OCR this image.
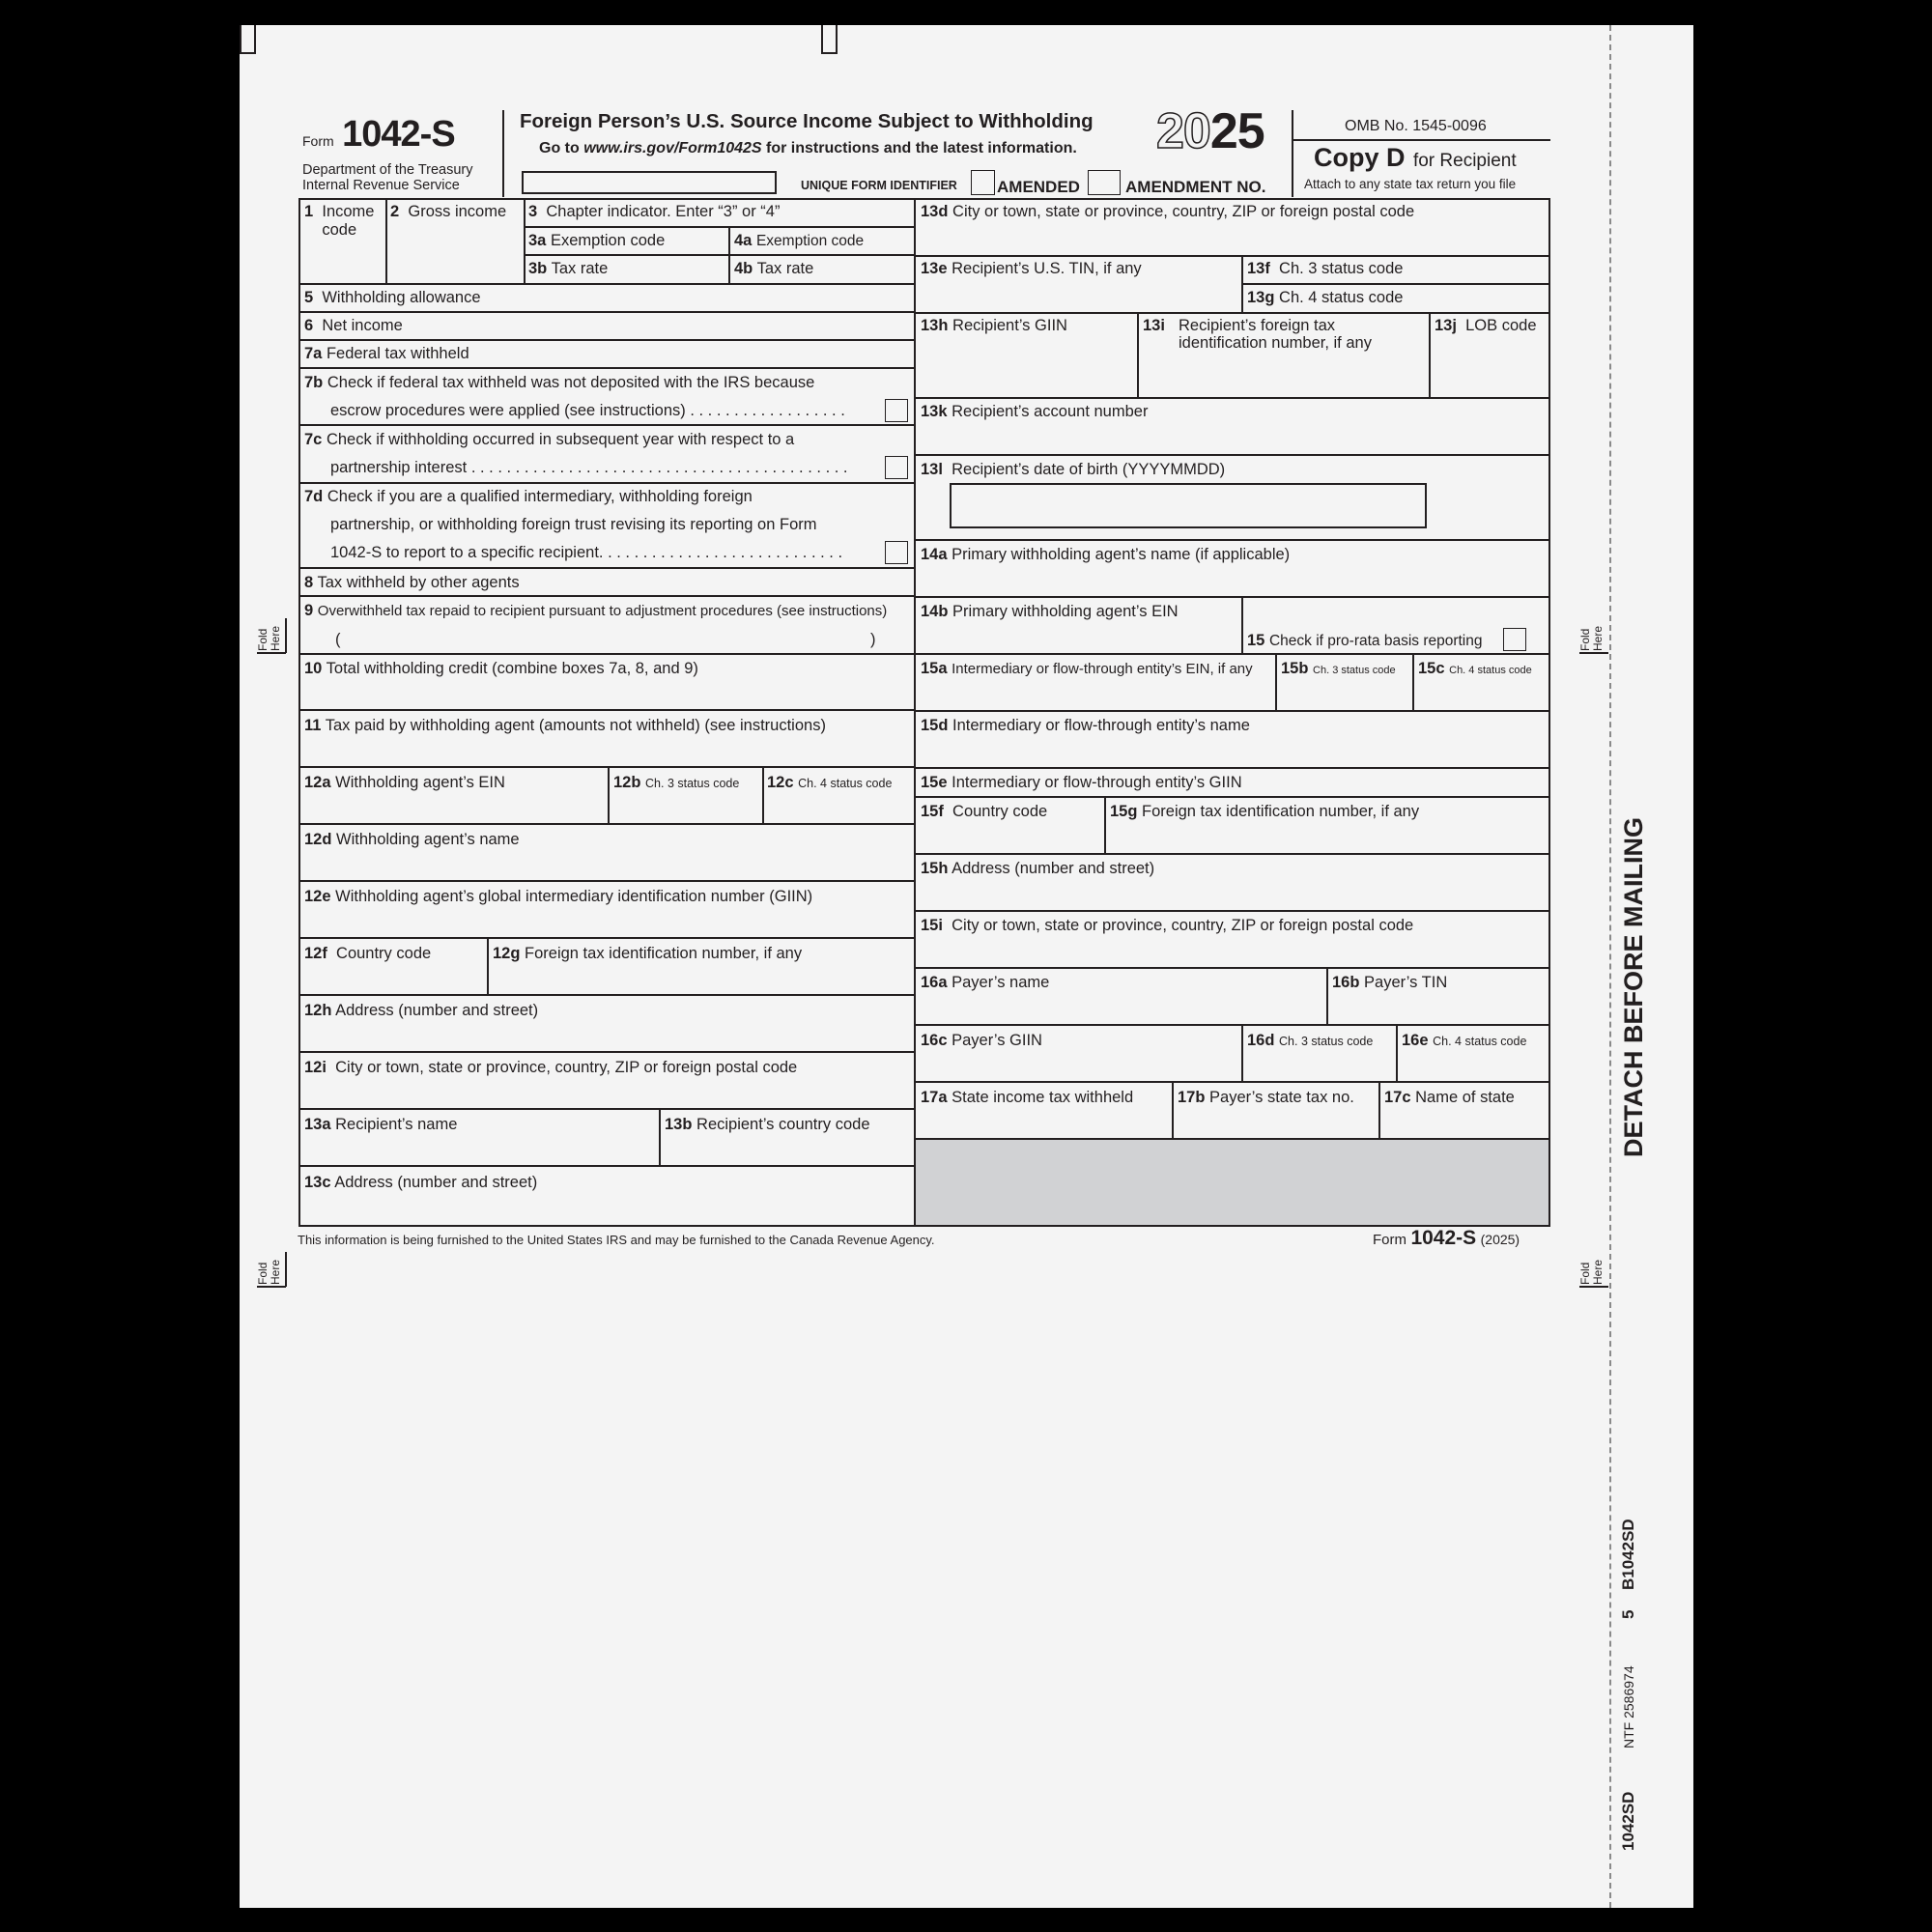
Form 1042-S
Department of the Treasury
Internal Revenue Service
Foreign Person’s U.S. Source Income Subject to Withholding
Go to www.irs.gov/Form1042S for instructions and the latest information. 2025
UNIQUE FORM IDENTIFIER AMENDED	AMENDMENT NO.
OMB No. 1545-0096
Copy D for Recipient
Attach to any state tax return you file
1 Income code
2 Gross income 3 Chapter indicator. Enter “3” or “4”
3a Exemption code	4a Exemption code
3b Tax rate	4b Tax rate
5 Withholding allowance
6 Net income
7a Federal tax withheld
7b Check if federal tax withheld was not deposited with the IRS because
escrow procedures were applied (see instructions) . . . . . . . . . . . . . . . . . .
7c Check if withholding occurred in subsequent year with respect to a
partnership interest . . . . . . . . . . . . . . . . . . . . . . . . . . . . . . . . . . . . . . . . . . .
7d Check if you are a qualified intermediary, withholding foreign
partnership, or withholding foreign trust revising its reporting on Form
1042-S to report to a specific recipient. . . . . . . . . . . . . . . . . . . . . . . . . . . .
8 Tax withheld by other agents
9 Overwithheld tax repaid to recipient pursuant to adjustment procedures (see instructions)
(	)
10 Total withholding credit (combine boxes 7a, 8, and 9)
11 Tax paid by withholding agent (amounts not withheld) (see instructions)
12a Withholding agent’s EIN	12b Ch. 3 status code 12c Ch. 4 status code
12d Withholding agent’s name
12e Withholding agent’s global intermediary identification number (GIIN)
12f Country code	12g Foreign tax identification number, if any
12h Address (number and street)
12i City or town, state or province, country, ZIP or foreign postal code
13a Recipient’s name	13b Recipient’s country code
13c Address (number and street)
13d City or town, state or province, country, ZIP or foreign postal code
13e Recipient’s U.S. TIN, if any	13f Ch. 3 status code
13g Ch. 4 status code
13h Recipient’s GIIN	13i Recipient’s foreign tax
identification number, if any
13j LOB code
13k Recipient’s account number
13l Recipient’s date of birth (YYYYMMDD)
14a Primary withholding agent’s name (if applicable)
14b Primary withholding agent’s EIN
15 Check if pro-rata basis reporting
15a Intermediary or flow-through entity’s EIN, if any 15b Ch. 3 status code 15c Ch. 4 status code
15d Intermediary or flow-through entity’s name
15e Intermediary or flow-through entity’s GIIN
15f Country code	15g Foreign tax identification number, if any
15h Address (number and street)
15i City or town, state or province, country, ZIP or foreign postal code
16a Payer’s name	16b Payer’s TIN
16c Payer’s GIIN	16d Ch. 3 status code 16e Ch. 4 status code
17a State income tax withheld	17b Payer’s state tax no. 17c Name of state
This information is being furnished to the United States IRS and may be furnished to the Canada Revenue Agency.	Form 1042-S (2025)
Fold
Here
Fold
Here
Fold
Here
Fold
Here
DETACH BEFORE MAILING
B1042SD
5
NTF 2586974
1042SD
